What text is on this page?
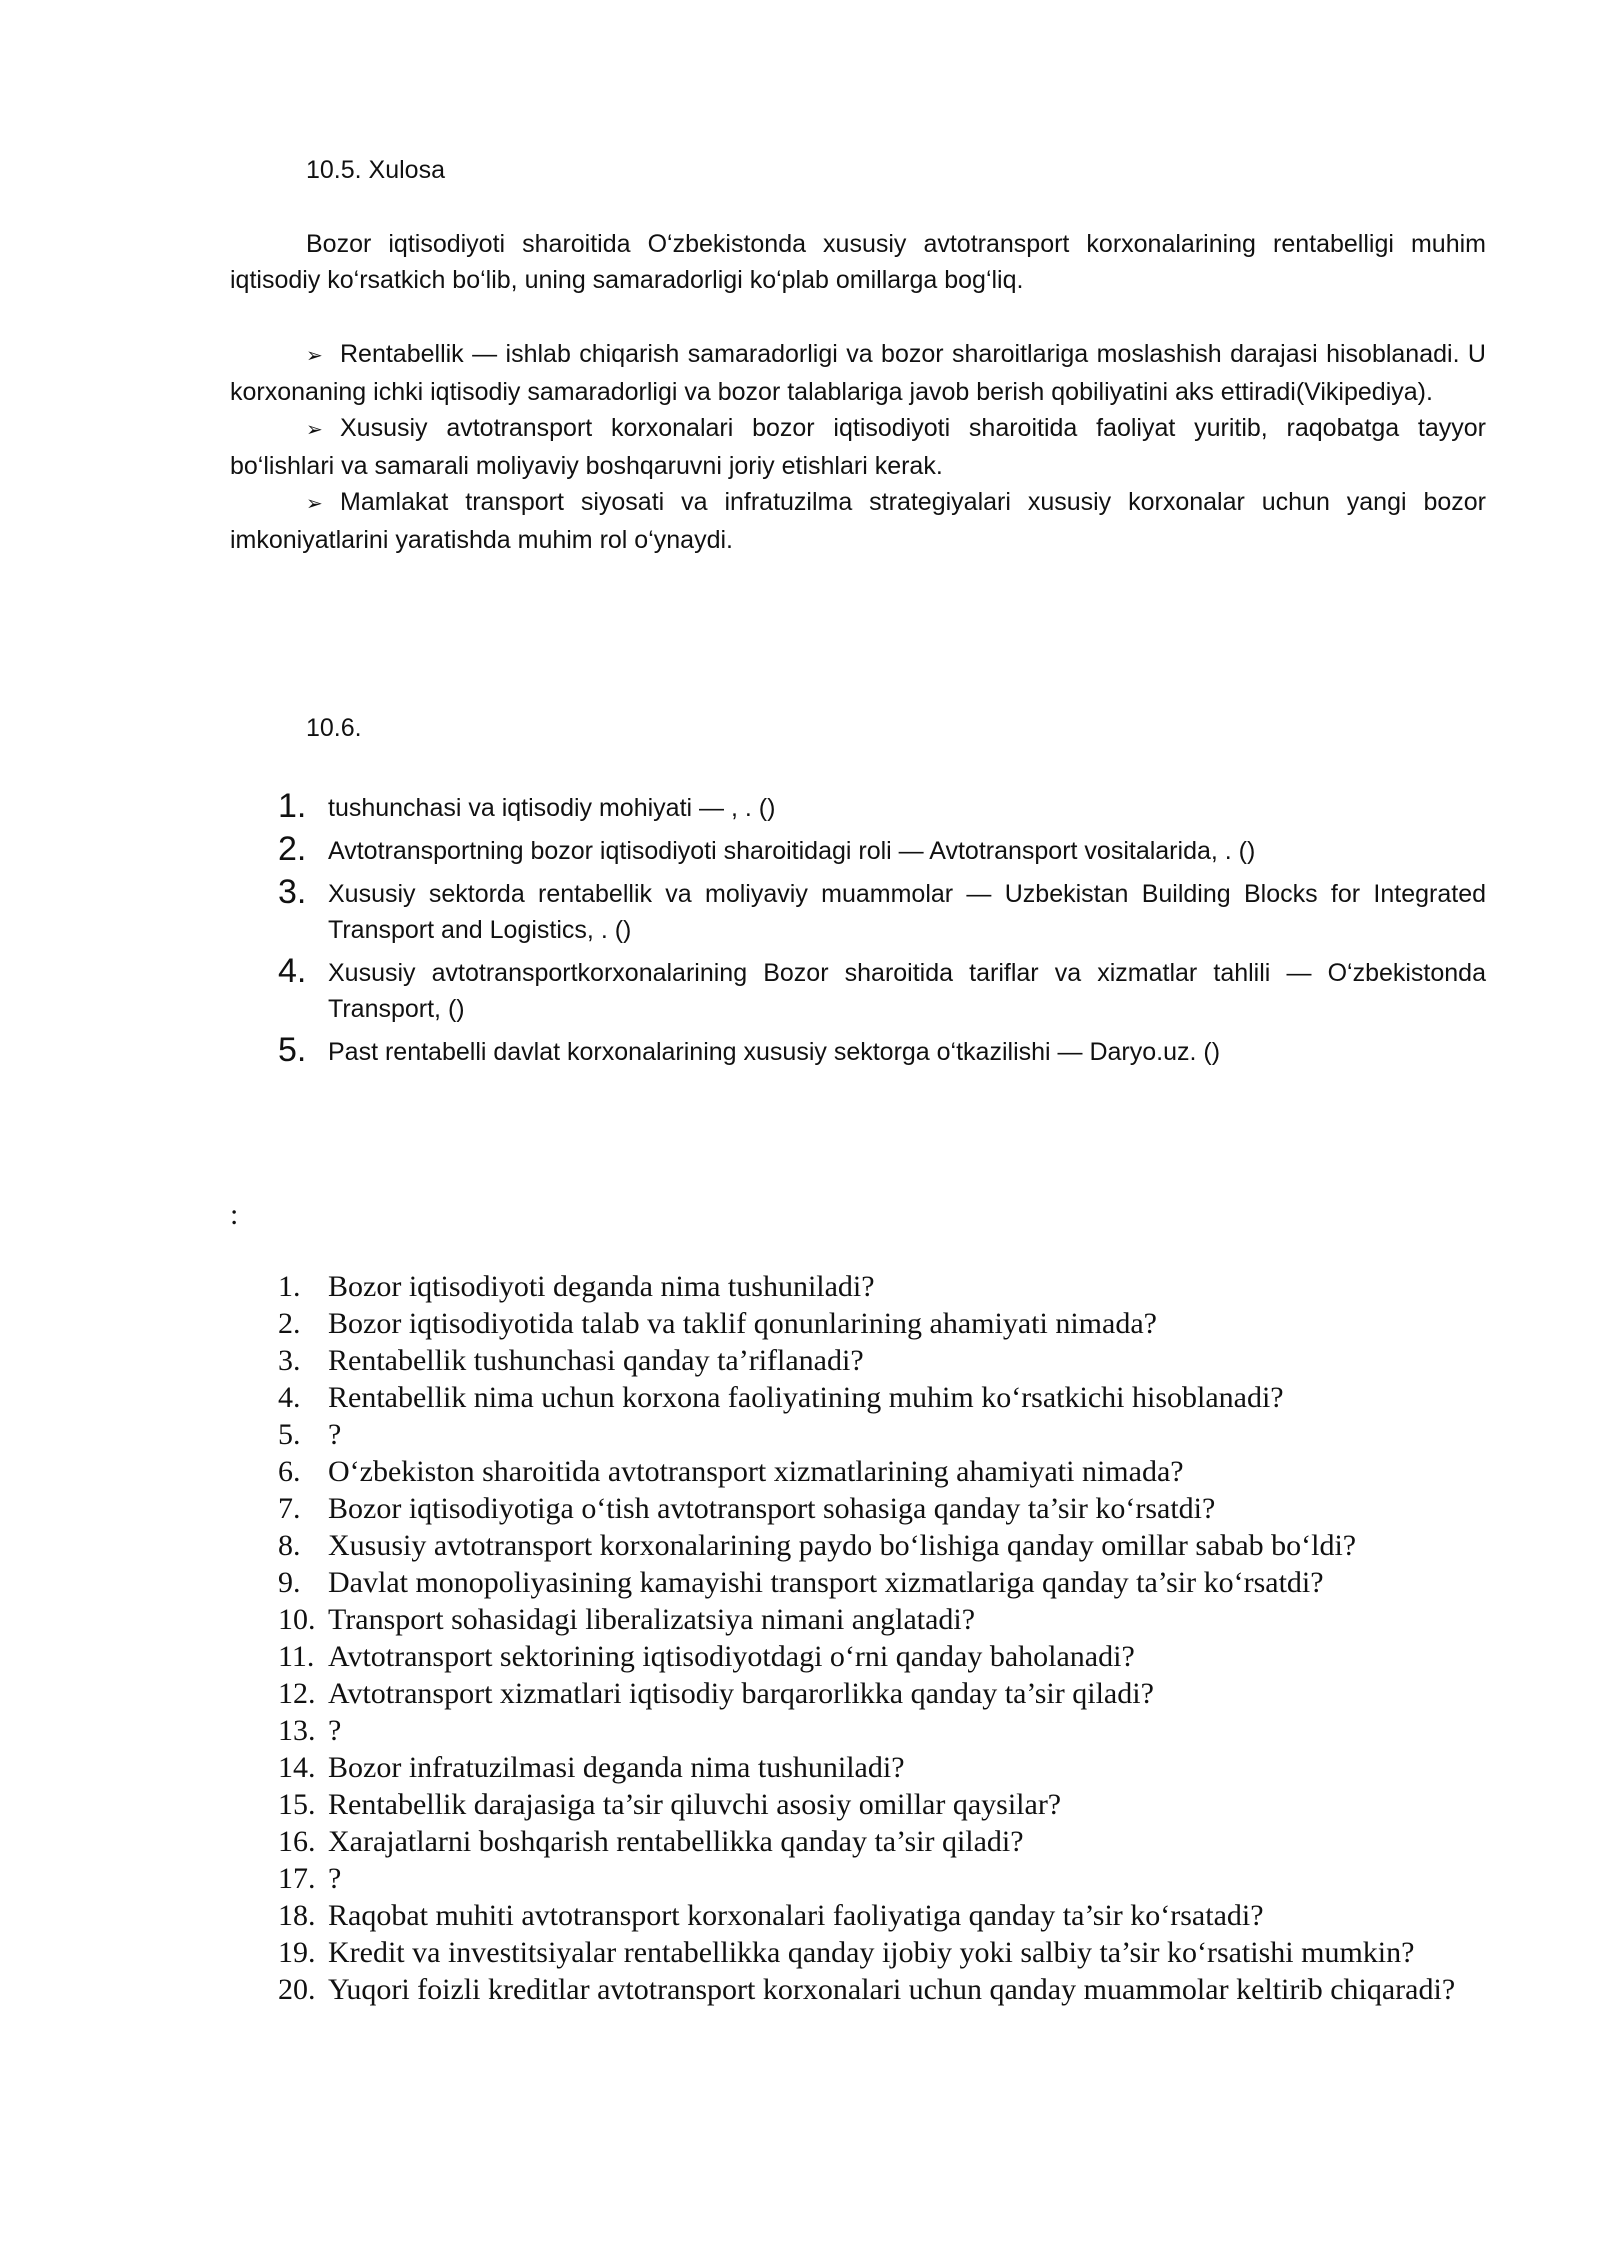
10.5. Xulosa

Bozor iqtisodiyoti sharoitida O‘zbekistonda xususiy avtotransport korxonalarining rentabelligi muhim iqtisodiy ko‘rsatkich bo‘lib, uning samaradorligi ko‘plab omillarga bog‘liq.

➢ Rentabellik — ishlab chiqarish samaradorligi va bozor sharoitlariga moslashish darajasi hisoblanadi. U korxonaning ichki iqtisodiy samaradorligi va bozor talablariga javob berish qobiliyatini aks ettiradi(Vikipediya).

➢ Xususiy avtotransport korxonalari bozor iqtisodiyoti sharoitida faoliyat yuritib, raqobatga tayyor bo‘lishlari va samarali moliyaviy boshqaruvni joriy etishlari kerak.

➢ Mamlakat transport siyosati va infratuzilma strategiyalari xususiy korxonalar uchun yangi bozor imkoniyatlarini yaratishda muhim rol o‘ynaydi.

10.6.
1. tushunchasi va iqtisodiy mohiyati — , . ()
2. Avtotransportning bozor iqtisodiyoti sharoitidagi roli — Avtotransport vositalarida, . ()
3. Xususiy sektorda rentabellik va moliyaviy muammolar — Uzbekistan Building Blocks for Integrated Transport and Logistics, . ()
4. Xususiy avtotransportkorxonalarining Bozor sharoitida tariflar va xizmatlar tahlili — O‘zbekistonda Transport, ()
5. Past rentabelli davlat korxonalarining xususiy sektorga o‘tkazilishi — Daryo.uz. ()
:
1. Bozor iqtisodiyoti deganda nima tushuniladi?
2. Bozor iqtisodiyotida talab va taklif qonunlarining ahamiyati nimada?
3. Rentabellik tushunchasi qanday ta’riflanadi?
4. Rentabellik nima uchun korxona faoliyatining muhim ko‘rsatkichi hisoblanadi?
5. ?
6. O‘zbekiston sharoitida avtotransport xizmatlarining ahamiyati nimada?
7. Bozor iqtisodiyotiga o‘tish avtotransport sohasiga qanday ta’sir ko‘rsatdi?
8. Xususiy avtotransport korxonalarining paydo bo‘lishiga qanday omillar sabab bo‘ldi?
9. Davlat monopoliyasining kamayishi transport xizmatlariga qanday ta’sir ko‘rsatdi?
10. Transport sohasidagi liberalizatsiya nimani anglatadi?
11. Avtotransport sektorining iqtisodiyotdagi o‘rni qanday baholanadi?
12. Avtotransport xizmatlari iqtisodiy barqarorlikka qanday ta’sir qiladi?
13. ?
14. Bozor infratuzilmasi deganda nima tushuniladi?
15. Rentabellik darajasiga ta’sir qiluvchi asosiy omillar qaysilar?
16. Xarajatlarni boshqarish rentabellikka qanday ta’sir qiladi?
17. ?
18. Raqobat muhiti avtotransport korxonalari faoliyatiga qanday ta’sir ko‘rsatadi?
19. Kredit va investitsiyalar rentabellikka qanday ijobiy yoki salbiy ta’sir ko‘rsatishi mumkin?
20. Yuqori foizli kreditlar avtotransport korxonalari uchun qanday muammolar keltirib chiqaradi?
